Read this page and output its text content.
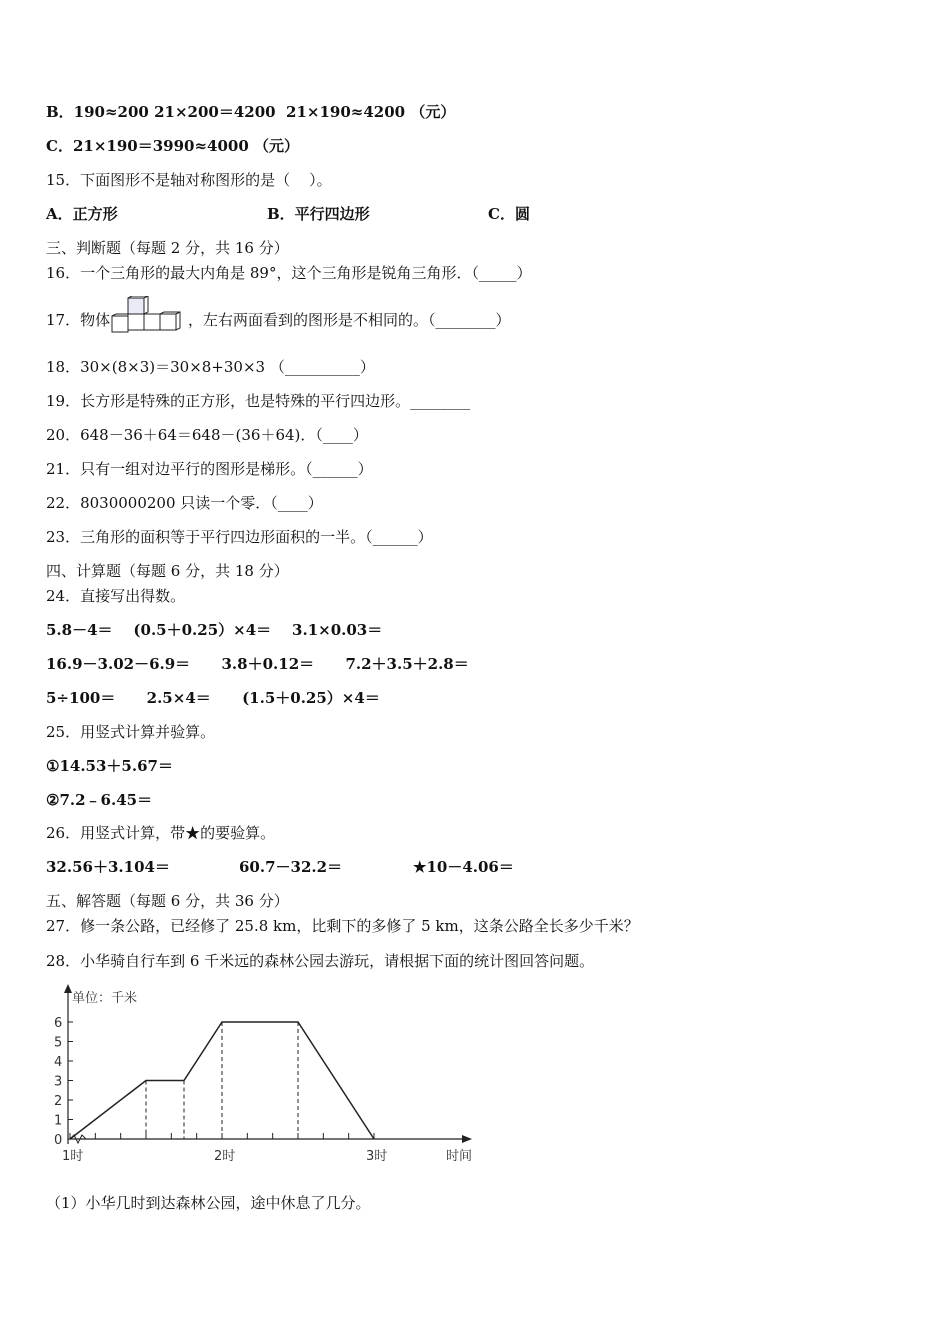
B．190≈200 21×200＝4200  21×190≈4200 （元）
C．21×190＝3990≈4000 （元）
15．下面图形不是轴对称图形的是（    ）。
A．正方形	B．平行四边形	C．圆
三、判断题（每题 2 分，共 16 分）
16．一个三角形的最大内角是 89°，这个三角形是锐角三角形．（_____）
17．物体	，左右两面看到的图形是不相同的。（________）
18．30×(8×3)＝30×8+30×3 （__________）
19．长方形是特殊的正方形，也是特殊的平行四边形。________
20．648－36＋64＝648－(36＋64)．（____）
21．只有一组对边平行的图形是梯形。（______）
22．8030000200 只读一个零．（____）
23．三角形的面积等于平行四边形面积的一半。（______）
四、计算题（每题 6 分，共 18 分）
24．直接写出得数。
5.8－4＝    (0.5＋0.25）×4＝    3.1×0.03＝
16.9－3.02－6.9＝      3.8＋0.12＝      7.2＋3.5＋2.8＝
5÷100＝      2.5×4＝      (1.5＋0.25）×4＝
25．用竖式计算并验算。
①14.53＋5.67＝
②7.2﹣6.45＝
26．用竖式计算，带★的要验算。
32.56＋3.104＝	60.7－32.2＝	★10－4.06＝
五、解答题（每题 6 分，共 36 分）
27．修一条公路，已经修了 25.8 km，比剩下的多修了 5 km，这条公路全长多少千米？
28．小华骑自行车到 6 千米远的森林公园去游玩，请根据下面的统计图回答问题。
单位：千米
时间
0
1
2
3
4
5
6
1时	2时	3时
（1）小华几时到达森林公园，途中休息了几分。
